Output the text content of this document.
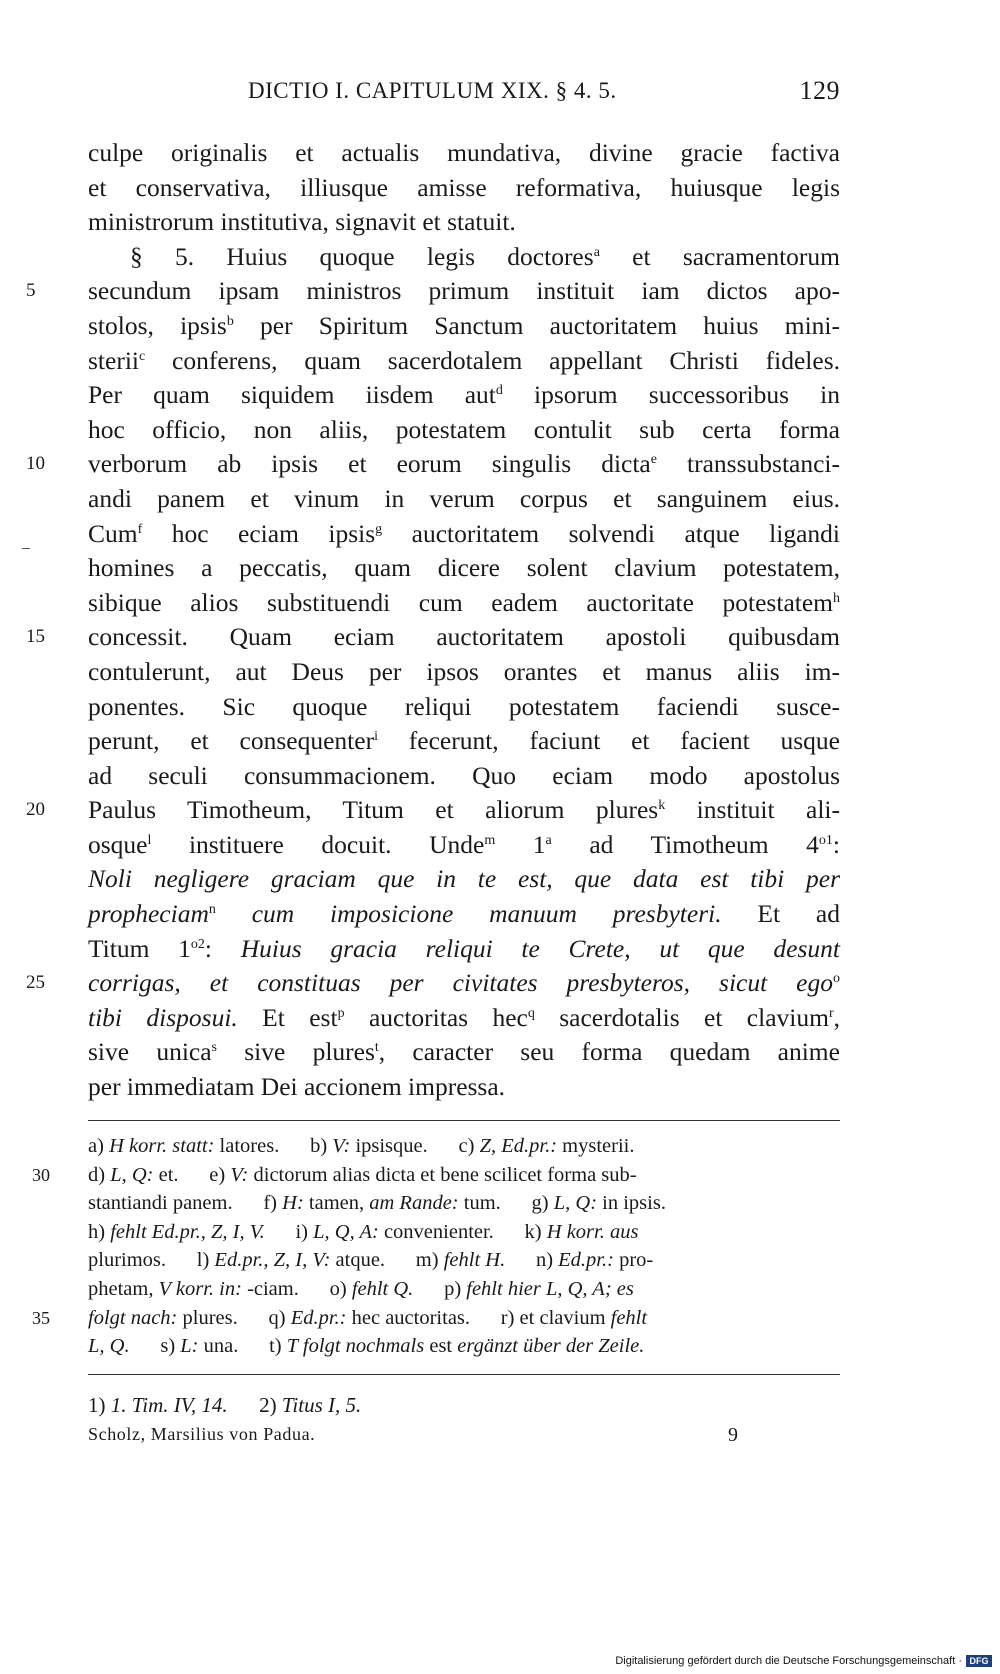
DICTIO I. CAPITULUM XIX. § 4. 5.	129
culpe originalis et actualis mundativa, divine gracie factiva
et conservativa, illiusque amisse reformativa, huiusque legis
ministrorum institutiva, signavit et statuit.
§ 5. Huius quoque legis doctores$^a$ et sacramentorum
5	secundum ipsam ministros primum instituit iam dictos apo-
stolos, ipsis$^b$ per Spiritum Sanctum auctoritatem huius mini-
sterii$^c$ conferens, quam sacerdotalem appellant Christi fideles.
Per quam siquidem iisdem aut$^d$ ipsorum successoribus in
hoc officio, non aliis, potestatem contulit sub certa forma
10	verborum ab ipsis et eorum singulis dicta$^e$ transsubstanci-
andi panem et vinum in verum corpus et sanguinem eius.
Cum$^f$ hoc eciam ipsis$^g$ auctoritatem solvendi atque ligandi
homines a peccatis, quam dicere solent clavium potestatem,
sibique alios substituendi cum eadem auctoritate potestatem$^h$
15	concessit. Quam eciam auctoritatem apostoli quibusdam
contulerunt, aut Deus per ipsos orantes et manus aliis im-
ponentes. Sic quoque reliqui potestatem faciendi susce-
perunt, et consequenter$^i$ fecerunt, faciunt et facient usque
ad seculi consummacionem. Quo eciam modo apostolus
20	Paulus Timotheum, Titum et aliorum plures$^k$ instituit ali-
osque$^l$ instituere docuit. Unde$^m$ 1$^a$ ad Timotheum $4^{o1}$:
Noli negligere graciam que in te est, que data est tibi per
propheciam$^n$ cum imposicione manuum presbyteri. Et ad
Titum $1^{o2}$: Huius gracia reliqui te Crete, ut que desunt
25	corrigas, et constituas per civitates presbyteros, sicut ego$^o$
tibi disposui. Et est$^p$ auctoritas hec$^q$ sacerdotalis et clavium$^r$,
sive unica$^s$ sive plures$^t$, caracter seu forma quedam anime
per immediatam Dei accionem impressa.
a) H korr. statt: latores.      b) V: ipsisque.      c) Z, Ed.pr.: mysterii.
30	d) L, Q: et.      e) V: dictorum alias dicta et bene scilicet forma sub-
stantiandi panem.      f) H: tamen, am Rande: tum.      g) L, Q: in ipsis.
h) fehlt Ed.pr., Z, I, V.      i) L, Q, A: convenienter.      k) H korr. aus
plurimos.      l) Ed.pr., Z, I, V: atque.      m) fehlt H.      n) Ed.pr.: pro-
phetam, V korr. in: -ciam.      o) fehlt Q.      p) fehlt hier L, Q, A; es
35	folgt nach: plures.      q) Ed.pr.: hec auctoritas.      r) et clavium fehlt
L, Q.      s) L: una.      t) T folgt nochmals est ergänzt über der Zeile.
1) 1. Tim. IV, 14.      2) Titus I, 5.
Scholz, Marsilius von Padua.	9
Digitalisierung gefördert durch die Deutsche Forschungsgemeinschaft · DFG
